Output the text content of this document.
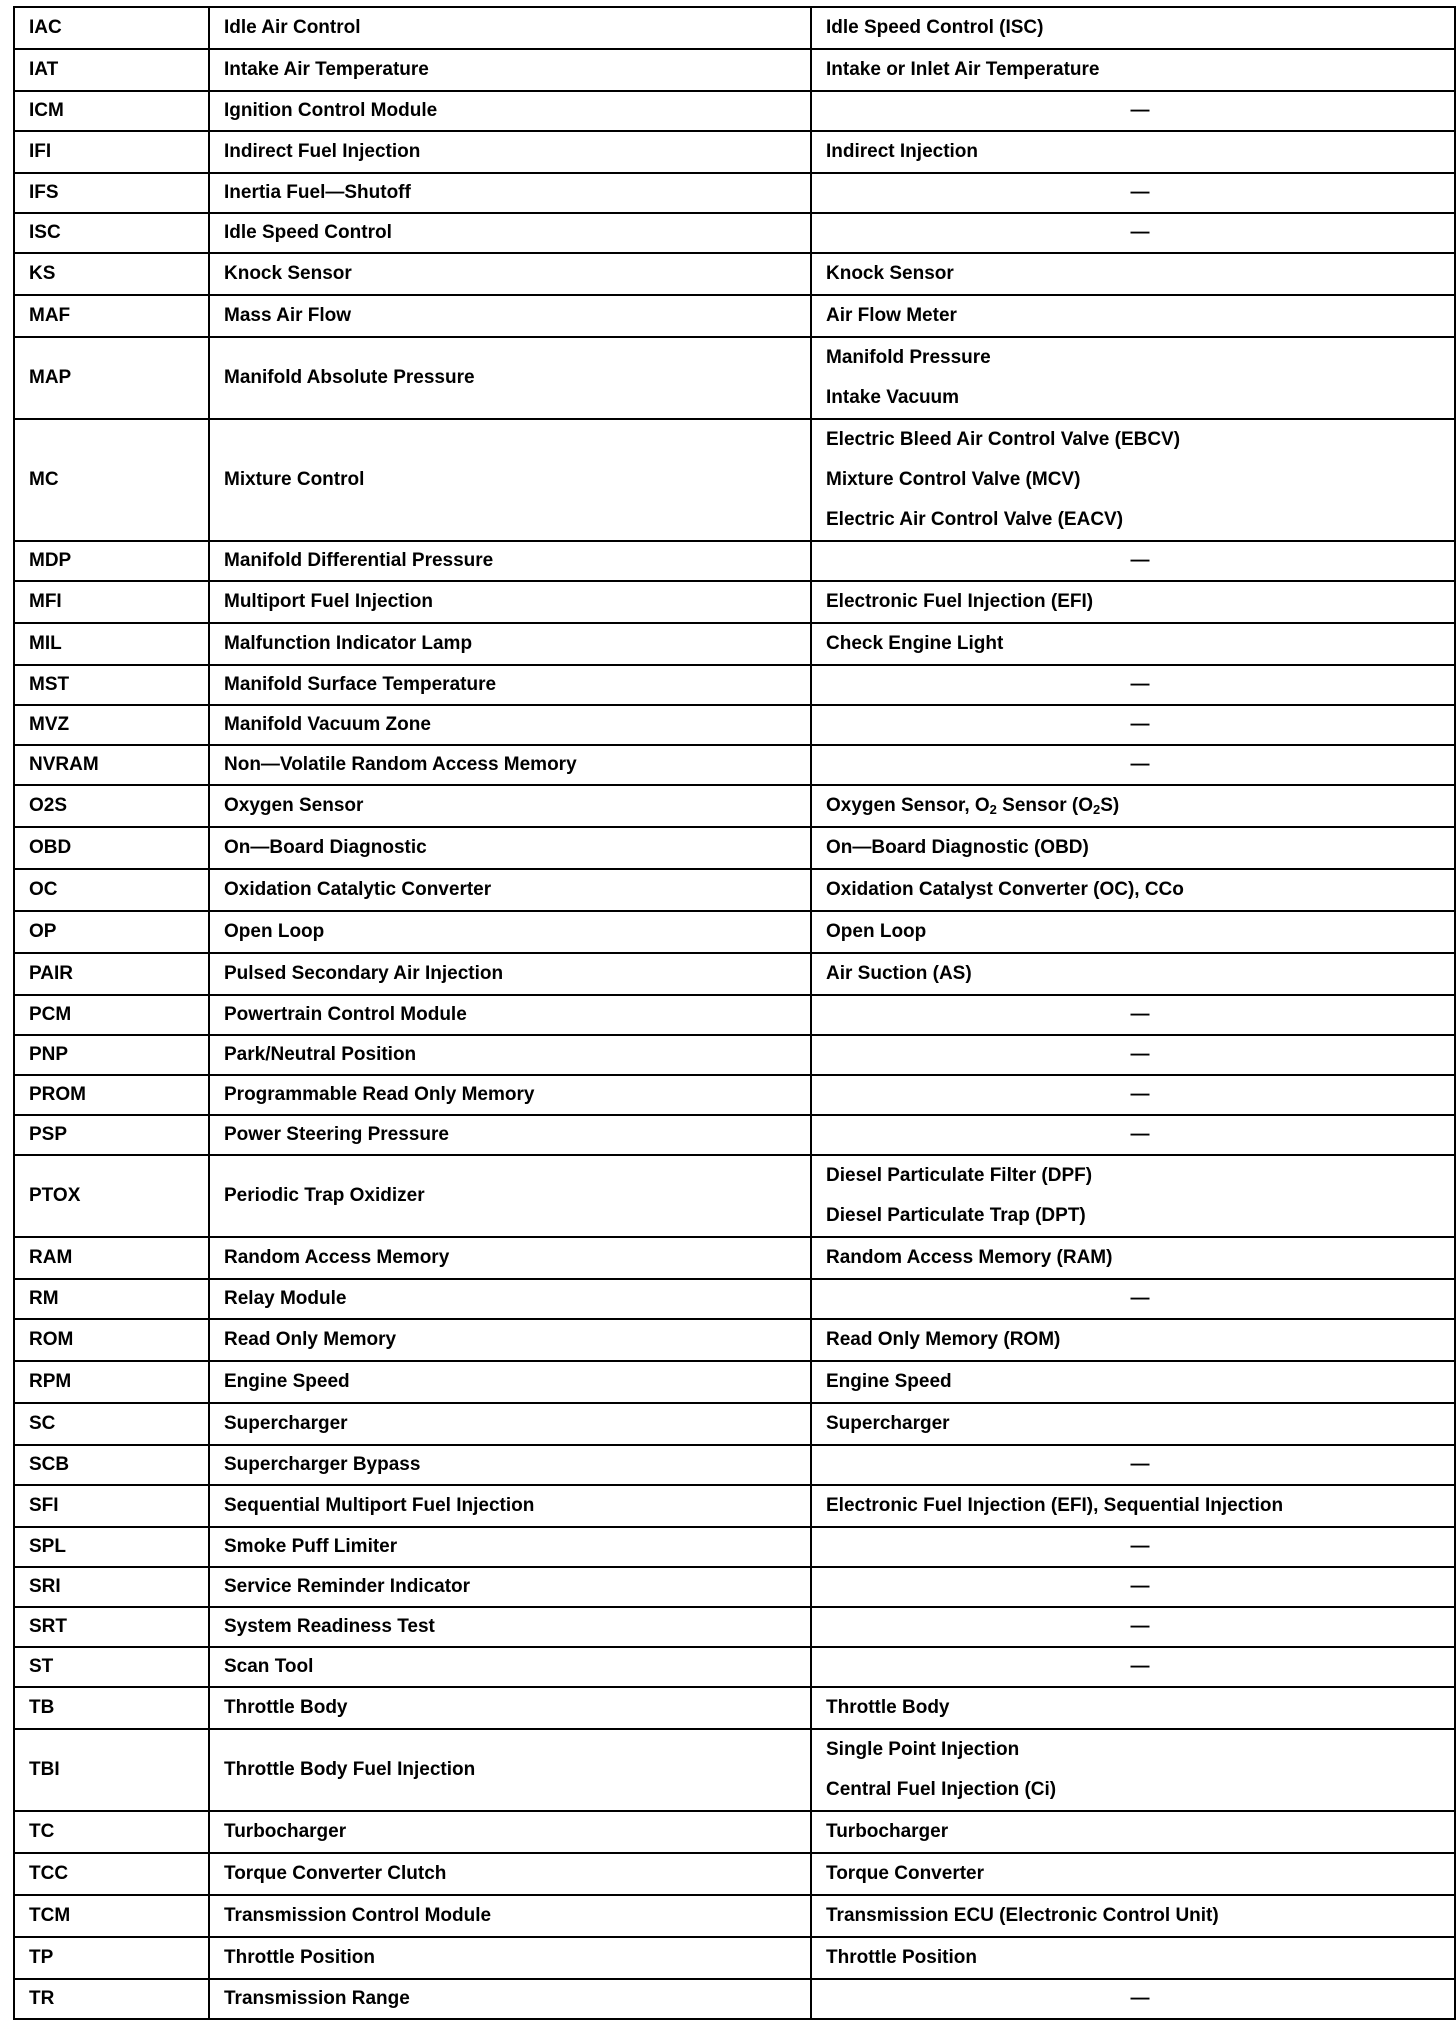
IAC	Idle Air Control	Idle Speed Control (ISC)

IAT	Intake Air Temperature	Intake or Inlet Air Temperature

ICM	Ignition Control Module	—
IFI	Indirect Fuel Injection	Indirect Injection

IFS	Inertia Fuel—Shutoff	—
ISC	Idle Speed Control	—
KS	Knock Sensor	Knock Sensor

MAF	Mass Air Flow	Air Flow Meter

MAP	Manifold Absolute Pressure	Manifold Pressure
Intake Vacuum

MC	Mixture Control	Electric Bleed Air Control Valve (EBCV)
Mixture Control Valve (MCV)
Electric Air Control Valve (EACV)

MDP	Manifold Differential Pressure	—
MFI	Multiport Fuel Injection	Electronic Fuel Injection (EFI)

MIL	Malfunction Indicator Lamp	Check Engine Light

MST	Manifold Surface Temperature	—
MVZ	Manifold Vacuum Zone	—
NVRAM	Non—Volatile Random Access Memory	—
O2S	Oxygen Sensor	Oxygen Sensor, $O_2$ Sensor $(O_2S)$

OBD	On—Board Diagnostic	On—Board Diagnostic (OBD)

OC	Oxidation Catalytic Converter	Oxidation Catalyst Converter (OC), CCo

OP	Open Loop	Open Loop

PAIR	Pulsed Secondary Air Injection	Air Suction (AS)

PCM	Powertrain Control Module	—
PNP	Park/Neutral Position	—
PROM	Programmable Read Only Memory	—
PSP	Power Steering Pressure	—
PTOX	Periodic Trap Oxidizer	Diesel Particulate Filter (DPF)
Diesel Particulate Trap (DPT)

RAM	Random Access Memory	Random Access Memory (RAM)

RM	Relay Module	—
ROM	Read Only Memory	Read Only Memory (ROM)

RPM	Engine Speed	Engine Speed

SC	Supercharger	Supercharger

SCB	Supercharger Bypass	—
SFI	Sequential Multiport Fuel Injection	Electronic Fuel Injection (EFI), Sequential Injection

SPL	Smoke Puff Limiter	—
SRI	Service Reminder Indicator	—
SRT	System Readiness Test	—
ST	Scan Tool	—
TB	Throttle Body	Throttle Body

TBI	Throttle Body Fuel Injection	Single Point Injection
Central Fuel Injection (Ci)

TC	Turbocharger	Turbocharger

TCC	Torque Converter Clutch	Torque Converter

TCM	Transmission Control Module	Transmission ECU (Electronic Control Unit)

TP	Throttle Position	Throttle Position

TR	Transmission Range	—
